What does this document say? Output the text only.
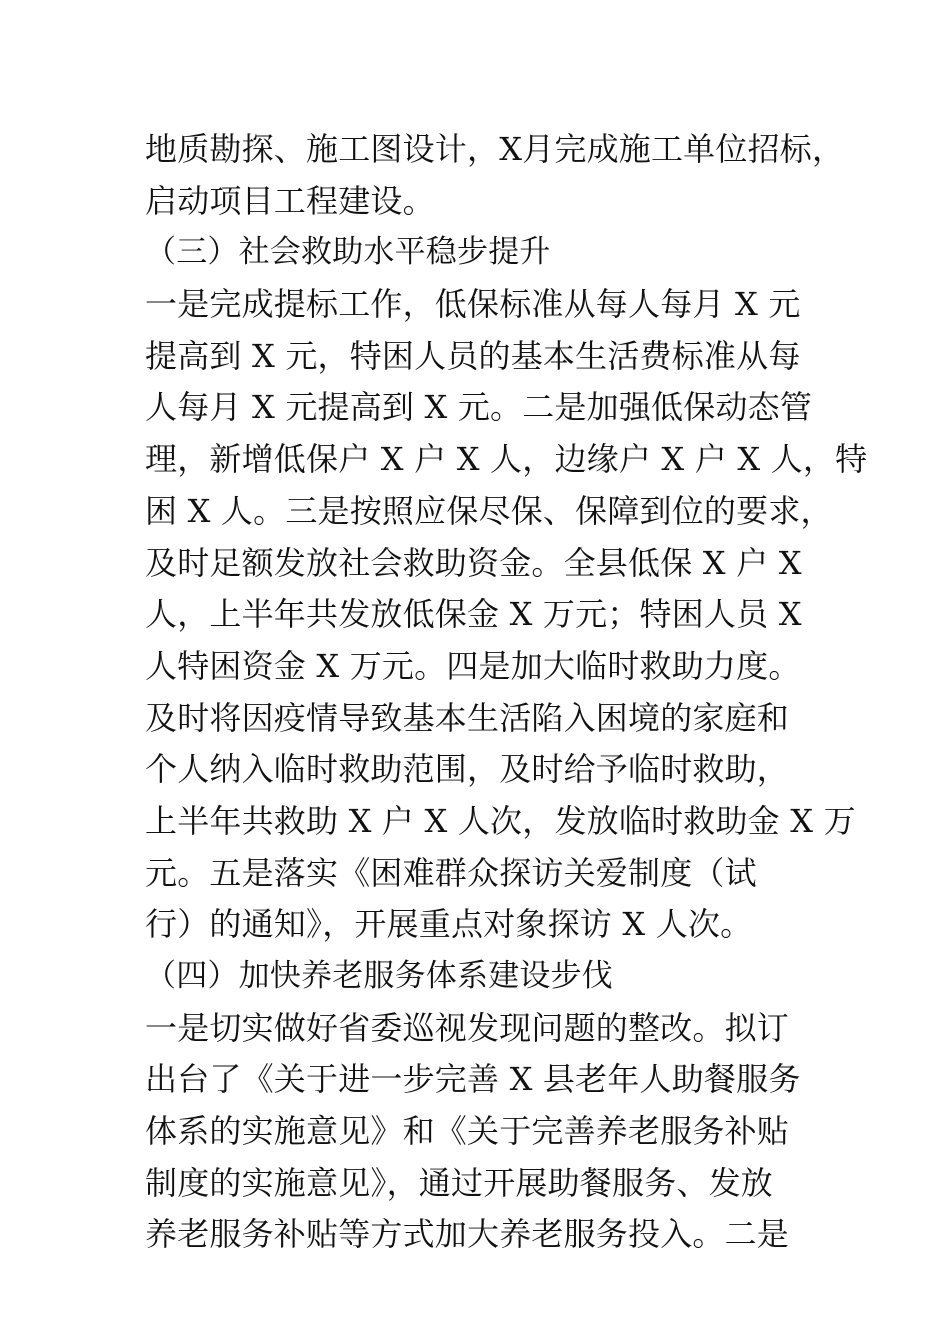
地质勘探、施工图设计，X月完成施工单位招标，
启动项目工程建设。
（三）社会救助水平稳步提升
一是完成提标工作，低保标准从每人每月 X 元
提高到 X 元，特困人员的基本生活费标准从每
人每月 X 元提高到 X 元。二是加强低保动态管
理，新增低保户 X 户 X 人，边缘户 X 户 X 人，特
困 X 人。三是按照应保尽保、保障到位的要求，
及时足额发放社会救助资金。全县低保 X 户 X
人，上半年共发放低保金 X 万元；特困人员 X
人特困资金 X 万元。四是加大临时救助力度。
及时将因疫情导致基本生活陷入困境的家庭和
个人纳入临时救助范围，及时给予临时救助，
上半年共救助 X 户 X 人次，发放临时救助金 X 万
元。五是落实《困难群众探访关爱制度（试
行）的通知》，开展重点对象探访 X 人次。
（四）加快养老服务体系建设步伐
一是切实做好省委巡视发现问题的整改。拟订
出台了《关于进一步完善 X 县老年人助餐服务
体系的实施意见》和《关于完善养老服务补贴
制度的实施意见》，通过开展助餐服务、发放
养老服务补贴等方式加大养老服务投入。二是
